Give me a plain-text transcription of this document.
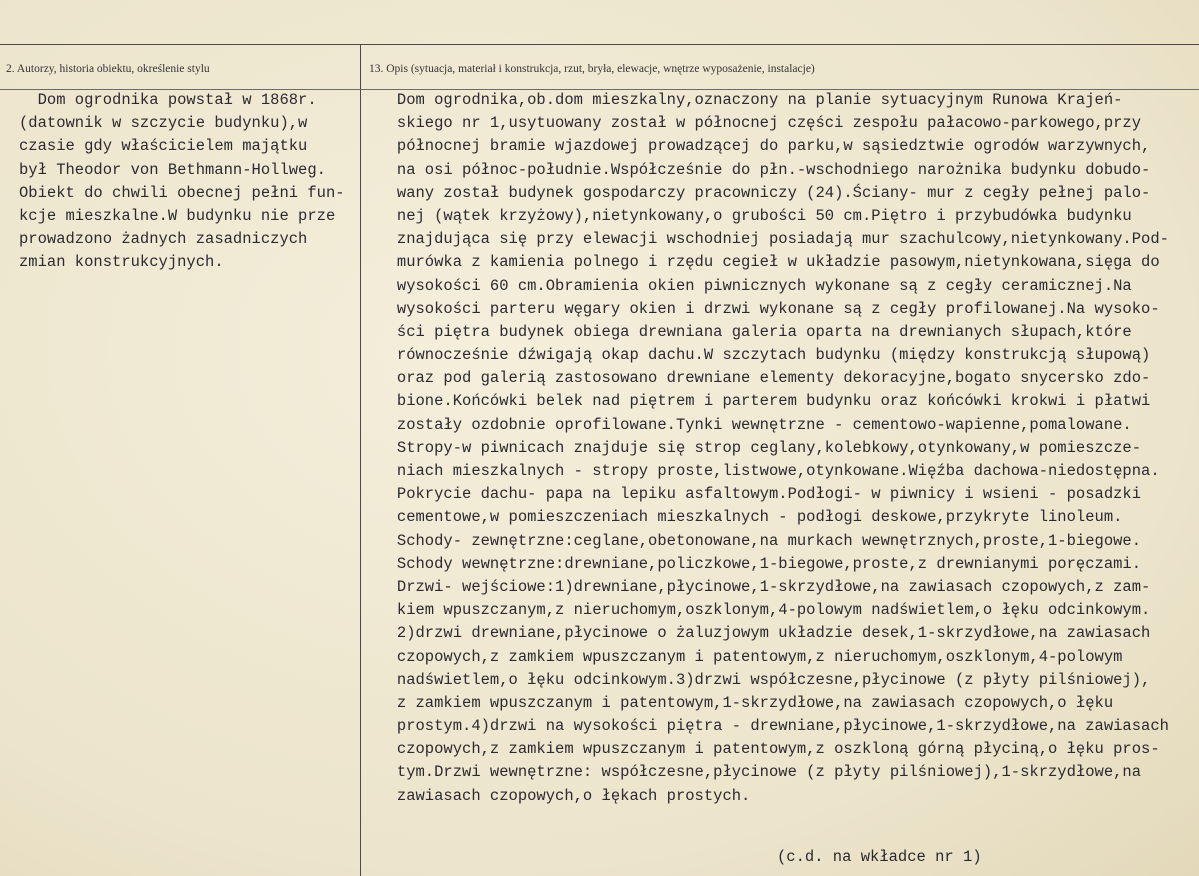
2. Autorzy, historia obiektu, określenie stylu	13. Opis (sytuacja, materiał i konstrukcja, rzut, bryła, elewacje, wnętrze wyposażenie, instalacje)
Dom ogrodnika powstał w 1868r.
(datownik w szczycie budynku),w
czasie gdy właścicielem majątku
był Theodor von Bethmann-Hollweg.
Obiekt do chwili obecnej pełni fun-
kcje mieszkalne.W budynku nie prze
prowadzono żadnych zasadniczych
zmian konstrukcyjnych.
Dom ogrodnika,ob.dom mieszkalny,oznaczony na planie sytuacyjnym Runowa Krajeń-
skiego nr 1,usytuowany został w północnej części zespołu pałacowo-parkowego,przy
północnej bramie wjazdowej prowadzącej do parku,w sąsiedztwie ogrodów warzywnych,
na osi północ-południe.Współcześnie do płn.-wschodniego narożnika budynku dobudo-
wany został budynek gospodarczy pracowniczy (24).Ściany- mur z cegły pełnej palo-
nej (wątek krzyżowy),nietynkowany,o grubości 50 cm.Piętro i przybudówka budynku
znajdująca się przy elewacji wschodniej posiadają mur szachulcowy,nietynkowany.Pod-
murówka z kamienia polnego i rzędu cegieł w układzie pasowym,nietynkowana,sięga do
wysokości 60 cm.Obramienia okien piwnicznych wykonane są z cegły ceramicznej.Na
wysokości parteru węgary okien i drzwi wykonane są z cegły profilowanej.Na wysoko-
ści piętra budynek obiega drewniana galeria oparta na drewnianych słupach,które
równocześnie dźwigają okap dachu.W szczytach budynku (między konstrukcją słupową)
oraz pod galerią zastosowano drewniane elementy dekoracyjne,bogato snycersko zdo-
bione.Końcówki belek nad piętrem i parterem budynku oraz końcówki krokwi i płatwi
zostały ozdobnie oprofilowane.Tynki wewnętrzne - cementowo-wapienne,pomalowane.
Stropy-w piwnicach znajduje się strop ceglany,kolebkowy,otynkowany,w pomieszcze-
niach mieszkalnych - stropy proste,listwowe,otynkowane.Więźba dachowa-niedostępna.
Pokrycie dachu- papa na lepiku asfaltowym.Podłogi- w piwnicy i wsieni - posadzki
cementowe,w pomieszczeniach mieszkalnych - podłogi deskowe,przykryte linoleum.
Schody- zewnętrzne:ceglane,obetonowane,na murkach wewnętrznych,proste,1-biegowe.
Schody wewnętrzne:drewniane,policzkowe,1-biegowe,proste,z drewnianymi poręczami.
Drzwi- wejściowe:1)drewniane,płycinowe,1-skrzydłowe,na zawiasach czopowych,z zam-
kiem wpuszczanym,z nieruchomym,oszklonym,4-polowym nadświetlem,o łęku odcinkowym.
2)drzwi drewniane,płycinowe o żaluzjowym układzie desek,1-skrzydłowe,na zawiasach
czopowych,z zamkiem wpuszczanym i patentowym,z nieruchomym,oszklonym,4-polowym
nadświetlem,o łęku odcinkowym.3)drzwi współczesne,płycinowe (z płyty pilśniowej),
z zamkiem wpuszczanym i patentowym,1-skrzydłowe,na zawiasach czopowych,o łęku
prostym.4)drzwi na wysokości piętra - drewniane,płycinowe,1-skrzydłowe,na zawiasach
czopowych,z zamkiem wpuszczanym i patentowym,z oszkloną górną płyciną,o łęku pros-
tym.Drzwi wewnętrzne: współczesne,płycinowe (z płyty pilśniowej),1-skrzydłowe,na
zawiasach czopowych,o łękach prostych.
(c.d. na wkładce nr 1)
